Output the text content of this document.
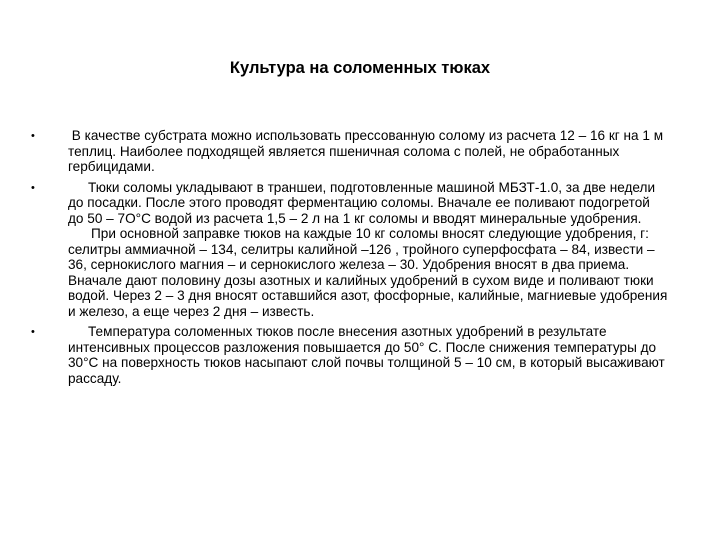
Культура на соломенных тюках
• В качестве субстрата можно использовать прессованную солому из расчета 12 – 16 кг на 1 м теплиц. Наиболее подходящей является пшеничная солома с полей, не обработанных гербицидами.

•	Тюки соломы укладывают в траншеи, подготовленные машиной МБЗТ-1.0, за две недели до посадки. После этого проводят ферментацию соломы. Вначале ее поливают подогретой до 50 – 7О°С водой из расчета 1,5 – 2 л на 1 кг соломы и вводят минеральные удобрения.

При основной заправке тюков на каждые 10 кг соломы вносят следующие удобрения, г: селитры аммиачной – 134, селитры калийной –126 , тройного суперфосфата – 84, извести – 36, сернокислого магния – и сернокислого железа – 30. Удобрения вносят в два приема. Вначале дают половину дозы азотных и калийных удобрений в сухом виде и поливают тюки водой. Через 2 – 3 дня вносят оставшийся азот, фосфорные, калийные, магниевые удобрения и железо, а еще через 2 дня – известь.

•	Температура соломенных тюков после внесения азотных удобрений в результате интенсивных процессов разложения повышается до 50° С. После снижения температуры до 30°С на поверхность тюков насыпают слой почвы толщиной 5 – 10 см, в который высаживают рассаду.
